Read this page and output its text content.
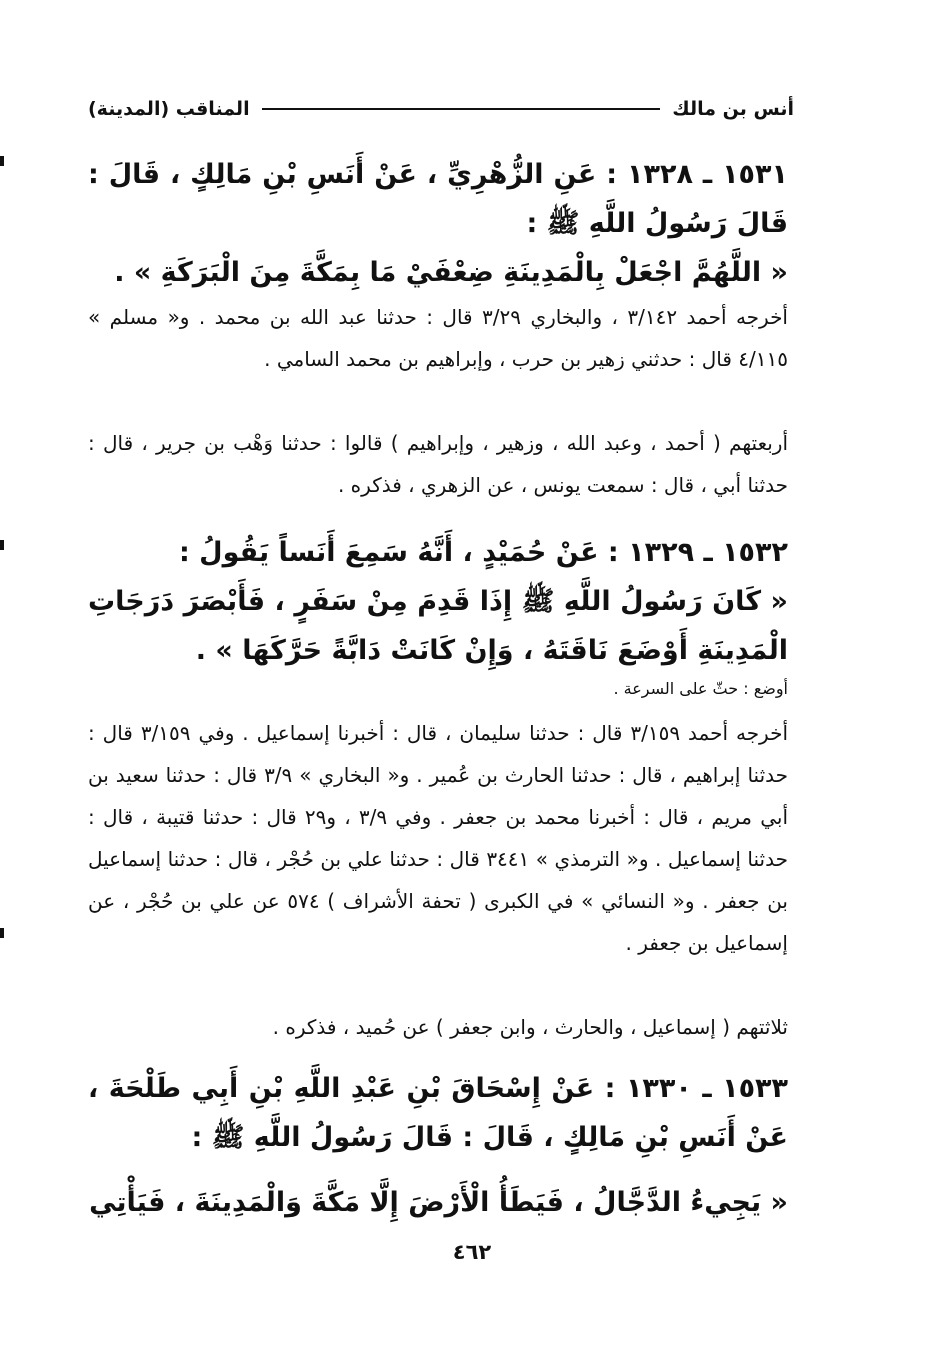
أنس بن مالك
المناقب (المدينة)
١٥٣١ ـ ١٣٢٨ : عَنِ الزُّهْرِيِّ ، عَنْ أَنَسِ بْنِ مَالِكٍ ، قَالَ : قَالَ رَسُولُ اللَّهِ ﷺ :
« اللَّهُمَّ اجْعَلْ بِالْمَدِينَةِ ضِعْفَيْ مَا بِمَكَّةَ مِنَ الْبَرَكَةِ » .
أخرجه أحمد ٣/١٤٢ ، والبخاري ٣/٢٩ قال : حدثنا عبد الله بن محمد . و« مسلم » ٤/١١٥ قال : حدثني زهير بن حرب ، وإبراهيم بن محمد السامي .
أربعتهم ( أحمد ، وعبد الله ، وزهير ، وإبراهيم ) قالوا : حدثنا وَهْب بن جرير ، قال : حدثنا أبي ، قال : سمعت يونس ، عن الزهري ، فذكره .
١٥٣٢ ـ ١٣٢٩ : عَنْ حُمَيْدٍ ، أَنَّهُ سَمِعَ أَنَساً يَقُولُ :
« كَانَ رَسُولُ اللَّهِ ﷺ إِذَا قَدِمَ مِنْ سَفَرٍ ، فَأَبْصَرَ دَرَجَاتِ الْمَدِينَةِ أَوْضَعَ نَاقَتَهُ ، وَإِنْ كَانَتْ دَابَّةً حَرَّكَهَا » .
أوضع : حثّ على السرعة .
أخرجه أحمد ٣/١٥٩ قال : حدثنا سليمان ، قال : أخبرنا إسماعيل . وفي ٣/١٥٩ قال : حدثنا إبراهيم ، قال : حدثنا الحارث بن عُمير . و« البخاري » ٣/٩ قال : حدثنا سعيد بن أبي مريم ، قال : أخبرنا محمد بن جعفر . وفي ٣/٩ ، و٢٩ قال : حدثنا قتيبة ، قال : حدثنا إسماعيل . و« الترمذي » ٣٤٤١ قال : حدثنا علي بن حُجْر ، قال : حدثنا إسماعيل بن جعفر . و« النسائي » في الكبرى ( تحفة الأشراف ) ٥٧٤ عن علي بن حُجْر ، عن إسماعيل بن جعفر .
ثلاثتهم ( إسماعيل ، والحارث ، وابن جعفر ) عن حُميد ، فذكره .
١٥٣٣ ـ ١٣٣٠ : عَنْ إِسْحَاقَ بْنِ عَبْدِ اللَّهِ بْنِ أَبِي طَلْحَةَ ، عَنْ أَنَسِ بْنِ مَالِكٍ ، قَالَ : قَالَ رَسُولُ اللَّهِ ﷺ :
« يَجِيءُ الدَّجَّالُ ، فَيَطَأُ الْأَرْضَ إِلَّا مَكَّةَ وَالْمَدِينَةَ ، فَيَأْتِي
٤٦٢
